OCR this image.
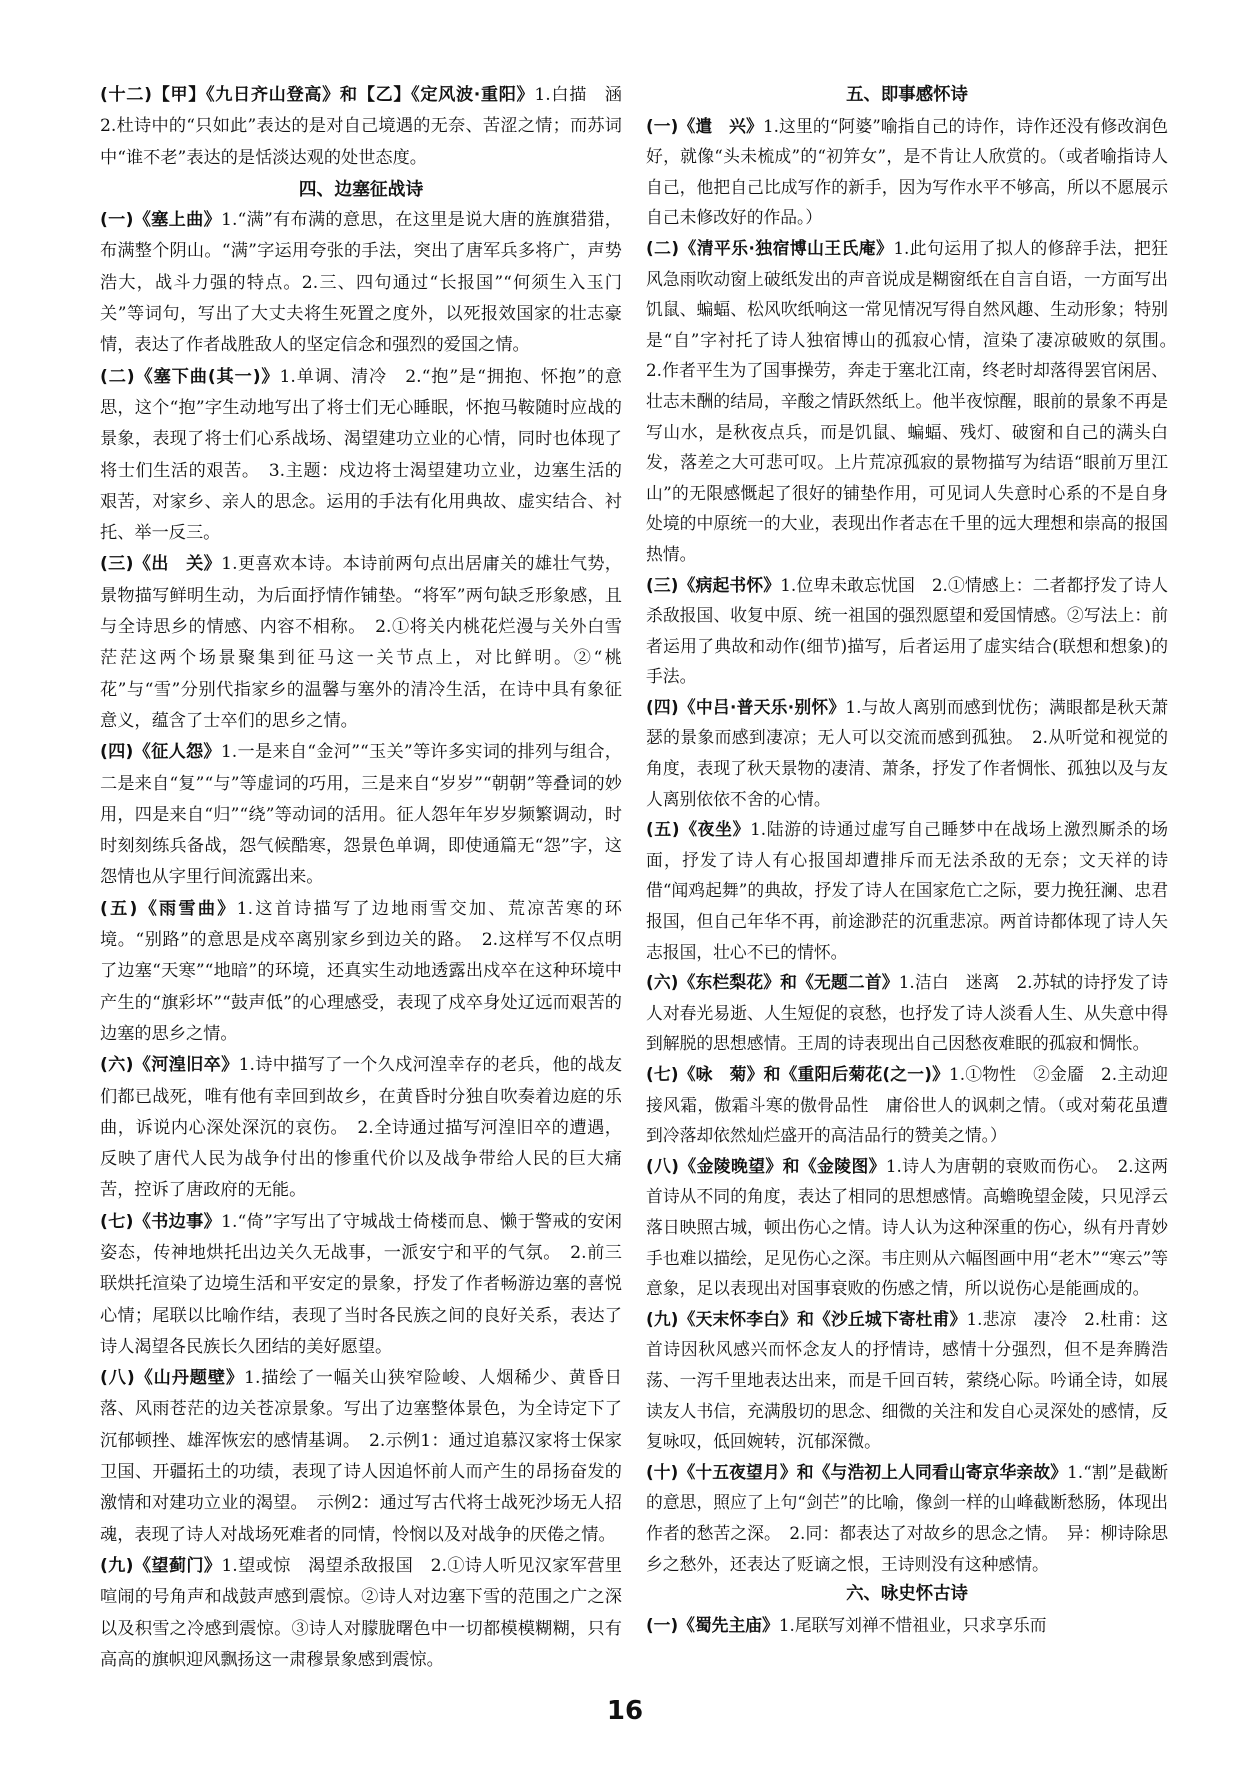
(十二)【甲】《九日齐山登高》和【乙】《定风波·重阳》1.白描　涵　2.杜诗中的“只如此”表达的是对自己境遇的无奈、苦涩之情；而苏词中“谁不老”表达的是恬淡达观的处世态度。

四、边塞征战诗

(一)《塞上曲》1.“满”有布满的意思，在这里是说大唐的旌旗猎猎，布满整个阴山。“满”字运用夸张的手法，突出了唐军兵多将广，声势浩大，战斗力强的特点。2.三、四句通过“长报国”“何须生入玉门关”等词句，写出了大丈夫将生死置之度外，以死报效国家的壮志豪情，表达了作者战胜敌人的坚定信念和强烈的爱国之情。

(二)《塞下曲(其一)》1.单调、清冷　2.“抱”是“拥抱、怀抱”的意思，这个“抱”字生动地写出了将士们无心睡眠，怀抱马鞍随时应战的景象，表现了将士们心系战场、渴望建功立业的心情，同时也体现了将士们生活的艰苦。　3.主题：戍边将士渴望建功立业，边塞生活的艰苦，对家乡、亲人的思念。运用的手法有化用典故、虚实结合、衬托、举一反三。

(三)《出　关》1.更喜欢本诗。本诗前两句点出居庸关的雄壮气势，景物描写鲜明生动，为后面抒情作铺垫。“将军”两句缺乏形象感，且与全诗思乡的情感、内容不相称。　2.①将关内桃花烂漫与关外白雪茫茫这两个场景聚集到征马这一关节点上，对比鲜明。②“桃花”与“雪”分别代指家乡的温馨与塞外的清冷生活，在诗中具有象征意义，蕴含了士卒们的思乡之情。

(四)《征人怨》1.一是来自“金河”“玉关”等许多实词的排列与组合，二是来自“复”“与”等虚词的巧用，三是来自“岁岁”“朝朝”等叠词的妙用，四是来自“归”“绕”等动词的活用。征人怨年年岁岁频繁调动，时时刻刻练兵备战，怨气候酷寒，怨景色单调，即使通篇无“怨”字，这怨情也从字里行间流露出来。

(五)《雨雪曲》1.这首诗描写了边地雨雪交加、荒凉苦寒的环境。“别路”的意思是戍卒离别家乡到边关的路。　2.这样写不仅点明了边塞“天寒”“地暗”的环境，还真实生动地透露出戍卒在这种环境中产生的“旗彩坏”“鼓声低”的心理感受，表现了戍卒身处辽远而艰苦的边塞的思乡之情。

(六)《河湟旧卒》1.诗中描写了一个久戍河湟幸存的老兵，他的战友们都已战死，唯有他有幸回到故乡，在黄昏时分独自吹奏着边庭的乐曲，诉说内心深处深沉的哀伤。　2.全诗通过描写河湟旧卒的遭遇，反映了唐代人民为战争付出的惨重代价以及战争带给人民的巨大痛苦，控诉了唐政府的无能。

(七)《书边事》1.“倚”字写出了守城战士倚楼而息、懒于警戒的安闲姿态，传神地烘托出边关久无战事，一派安宁和平的气氛。　2.前三联烘托渲染了边境生活和平安定的景象，抒发了作者畅游边塞的喜悦心情；尾联以比喻作结，表现了当时各民族之间的良好关系，表达了诗人渴望各民族长久团结的美好愿望。

(八)《山丹题壁》1.描绘了一幅关山狭窄险峻、人烟稀少、黄昏日落、风雨苍茫的边关苍凉景象。写出了边塞整体景色，为全诗定下了沉郁顿挫、雄浑恢宏的感情基调。　2.示例1：通过追慕汉家将士保家卫国、开疆拓土的功绩，表现了诗人因追怀前人而产生的昂扬奋发的激情和对建功立业的渴望。　示例2：通过写古代将士战死沙场无人招魂，表现了诗人对战场死难者的同情，怜悯以及对战争的厌倦之情。

(九)《望蓟门》1.望或惊　渴望杀敌报国　2.①诗人听见汉家军营里喧闹的号角声和战鼓声感到震惊。②诗人对边塞下雪的范围之广之深以及积雪之冷感到震惊。③诗人对朦胧曙色中一切都模模糊糊，只有高高的旗帜迎风飘扬这一肃穆景象感到震惊。

五、即事感怀诗

(一)《遣　兴》1.这里的“阿婆”喻指自己的诗作，诗作还没有修改润色好，就像“头未梳成”的“初笄女”，是不肯让人欣赏的。（或者喻指诗人自己，他把自己比成写作的新手，因为写作水平不够高，所以不愿展示自己未修改好的作品。）

(二)《清平乐·独宿博山王氏庵》1.此句运用了拟人的修辞手法，把狂风急雨吹动窗上破纸发出的声音说成是糊窗纸在自言自语，一方面写出饥鼠、蝙蝠、松风吹纸响这一常见情况写得自然风趣、生动形象；特别是“自”字衬托了诗人独宿博山的孤寂心情，渲染了凄凉破败的氛围。　2.作者平生为了国事操劳，奔走于塞北江南，终老时却落得罢官闲居、壮志未酬的结局，辛酸之情跃然纸上。他半夜惊醒，眼前的景象不再是写山水，是秋夜点兵，而是饥鼠、蝙蝠、残灯、破窗和自己的满头白发，落差之大可悲可叹。上片荒凉孤寂的景物描写为结语“眼前万里江山”的无限感慨起了很好的铺垫作用，可见词人失意时心系的不是自身处境的中原统一的大业，表现出作者志在千里的远大理想和崇高的报国热情。

(三)《病起书怀》1.位卑未敢忘忧国　2.①情感上：二者都抒发了诗人杀敌报国、收复中原、统一祖国的强烈愿望和爱国情感。②写法上：前者运用了典故和动作(细节)描写，后者运用了虚实结合(联想和想象)的手法。

(四)《中吕·普天乐·别怀》1.与故人离别而感到忧伤；满眼都是秋天萧瑟的景象而感到凄凉；无人可以交流而感到孤独。　2.从听觉和视觉的角度，表现了秋天景物的凄清、萧条，抒发了作者惆怅、孤独以及与友人离别依依不舍的心情。

(五)《夜坐》1.陆游的诗通过虚写自己睡梦中在战场上激烈厮杀的场面，抒发了诗人有心报国却遭排斥而无法杀敌的无奈；文天祥的诗借“闻鸡起舞”的典故，抒发了诗人在国家危亡之际，要力挽狂澜、忠君报国，但自己年华不再，前途渺茫的沉重悲凉。两首诗都体现了诗人矢志报国，壮心不已的情怀。

(六)《东栏梨花》和《无题二首》1.洁白　迷离　2.苏轼的诗抒发了诗人对春光易逝、人生短促的哀愁，也抒发了诗人淡看人生、从失意中得到解脱的思想感情。王周的诗表现出自己因愁夜难眠的孤寂和惆怅。

(七)《咏　菊》和《重阳后菊花(之一)》1.①物性　②金靥　2.主动迎接风霜，傲霜斗寒的傲骨品性　庸俗世人的讽刺之情。（或对菊花虽遭到冷落却依然灿烂盛开的高洁品行的赞美之情。）

(八)《金陵晚望》和《金陵图》1.诗人为唐朝的衰败而伤心。　2.这两首诗从不同的角度，表达了相同的思想感情。高蟾晚望金陵，只见浮云落日映照古城，顿出伤心之情。诗人认为这种深重的伤心，纵有丹青妙手也难以描绘，足见伤心之深。韦庄则从六幅图画中用“老木”“寒云”等意象，足以表现出对国事衰败的伤感之情，所以说伤心是能画成的。

(九)《天末怀李白》和《沙丘城下寄杜甫》1.悲凉　凄冷　2.杜甫：这首诗因秋风感兴而怀念友人的抒情诗，感情十分强烈，但不是奔腾浩荡、一泻千里地表达出来，而是千回百转，萦绕心际。吟诵全诗，如展读友人书信，充满殷切的思念、细微的关注和发自心灵深处的感情，反复咏叹，低回婉转，沉郁深微。

(十)《十五夜望月》和《与浩初上人同看山寄京华亲故》1.“割”是截断的意思，照应了上句“剑芒”的比喻，像剑一样的山峰截断愁肠，体现出作者的愁苦之深。　2.同：都表达了对故乡的思念之情。　异：柳诗除思乡之愁外，还表达了贬谪之恨，王诗则没有这种感情。

六、咏史怀古诗

(一)《蜀先主庙》1.尾联写刘禅不惜祖业，只求享乐而

16
